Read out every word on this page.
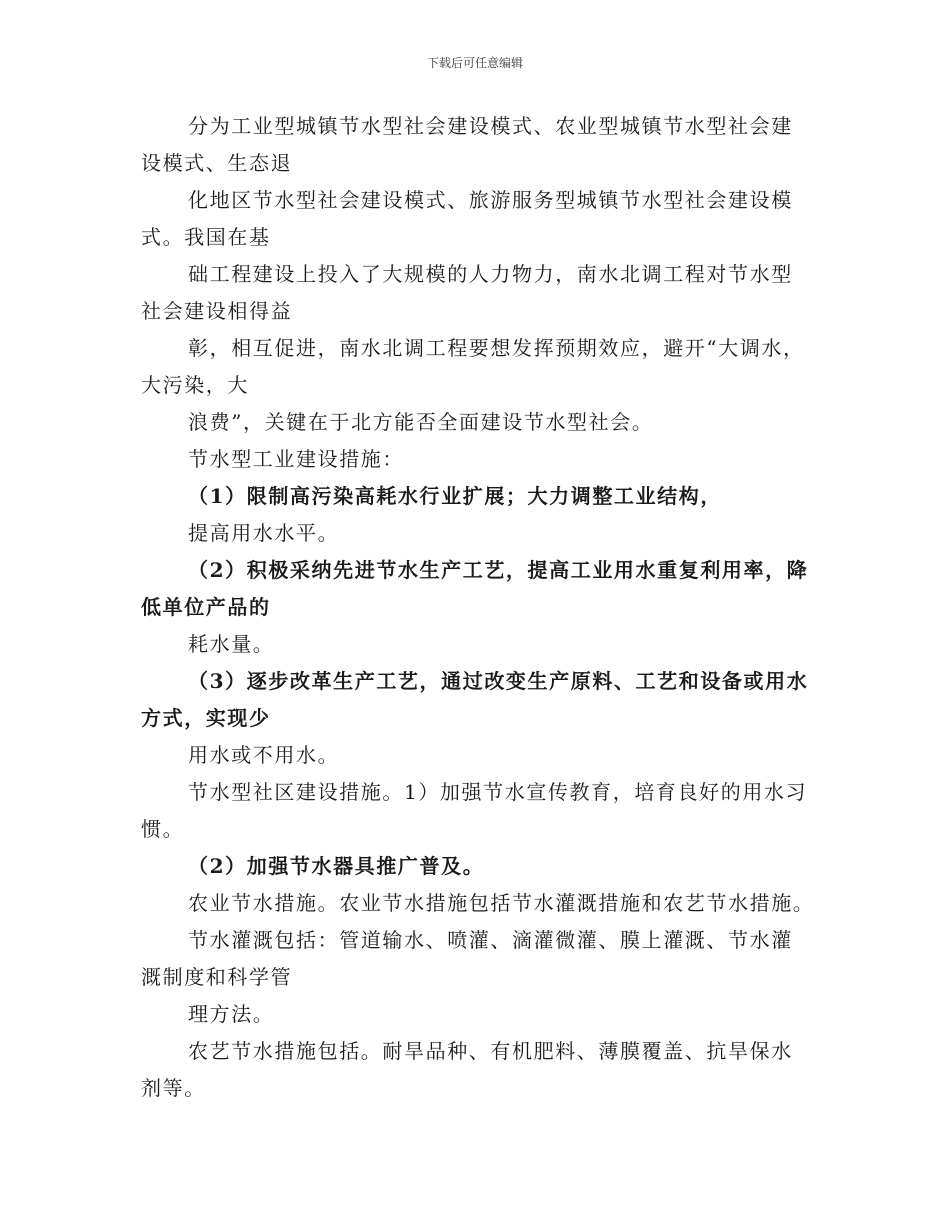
下载后可任意编辑
分为工业型城镇节水型社会建设模式、农业型城镇节水型社会建
设模式、生态退
化地区节水型社会建设模式、旅游服务型城镇节水型社会建设模
式。我国在基
础工程建设上投入了大规模的人力物力，南水北调工程对节水型
社会建设相得益
彰，相互促进，南水北调工程要想发挥预期效应，避开“大调水，
大污染，大
浪费”，关键在于北方能否全面建设节水型社会。
节水型工业建设措施：
（1）限制高污染高耗水行业扩展；大力调整工业结构，
提高用水水平。
（2）积极采纳先进节水生产工艺，提高工业用水重复利用率，降
低单位产品的
耗水量。
（3）逐步改革生产工艺，通过改变生产原料、工艺和设备或用水
方式，实现少
用水或不用水。
节水型社区建设措施。1）加强节水宣传教育，培育良好的用水习
惯。
（2）加强节水器具推广普及。
农业节水措施。农业节水措施包括节水灌溉措施和农艺节水措施。
节水灌溉包括：管道输水、喷灌、滴灌微灌、膜上灌溉、节水灌
溉制度和科学管
理方法。
农艺节水措施包括。耐旱品种、有机肥料、薄膜覆盖、抗旱保水
剂等。
